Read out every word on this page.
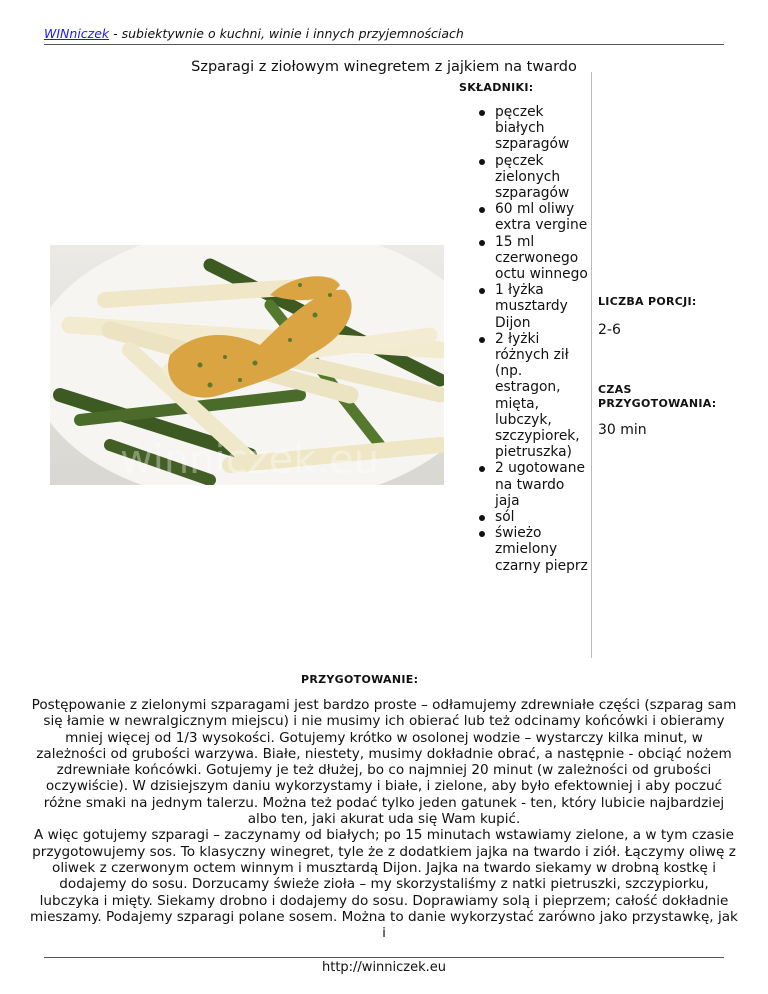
WINniczek - subiektywnie o kuchni, winie i innych przyjemnościach
Szparagi z ziołowym winegretem z jajkiem na twardo
winniczek.eu
SKŁADNIKI:
pęczek białych szparagów
pęczek zielonych szparagów
60 ml oliwy extra vergine
15 ml czerwonego octu winnego
1 łyżka musztardy Dijon
2 łyżki różnych ził (np. estragon, mięta, lubczyk, szczypiorek, pietruszka)
2 ugotowane na twardo jaja
sól
świeżo zmielony czarny pieprz
LICZBA PORCJI:
2-6
CZAS PRZYGOTOWANIA:
30 min
PRZYGOTOWANIE:
Postępowanie z zielonymi szparagami jest bardzo proste – odłamujemy zdrewniałe części (szparag sam się łamie w newralgicznym miejscu) i nie musimy ich obierać lub też odcinamy końcówki i obieramy mniej więcej od 1/3 wysokości. Gotujemy krótko w osolonej wodzie – wystarczy kilka minut, w zależności od grubości warzywa. Białe, niestety, musimy dokładnie obrać, a następnie - obciąć nożem zdrewniałe końcówki. Gotujemy je też dłużej, bo co najmniej 20 minut (w zależności od grubości oczywiście). W dzisiejszym daniu wykorzystamy i białe, i zielone, aby było efektowniej i aby poczuć różne smaki na jednym talerzu. Można też podać tylko jeden gatunek - ten, który lubicie najbardziej albo ten, jaki akurat uda się Wam kupić.
A więc gotujemy szparagi – zaczynamy od białych; po 15 minutach wstawiamy zielone, a w tym czasie przygotowujemy sos. To klasyczny winegret, tyle że z dodatkiem jajka na twardo i ziół. Łączymy oliwę z oliwek z czerwonym octem winnym i musztardą Dijon. Jajka na twardo siekamy w drobną kostkę i dodajemy do sosu. Dorzucamy świeże zioła – my skorzystaliśmy z natki pietruszki, szczypiorku, lubczyka i mięty. Siekamy drobno i dodajemy do sosu. Doprawiamy solą i pieprzem; całość dokładnie mieszamy. Podajemy szparagi polane sosem. Można to danie wykorzystać zarówno jako przystawkę, jak i
http://winniczek.eu
